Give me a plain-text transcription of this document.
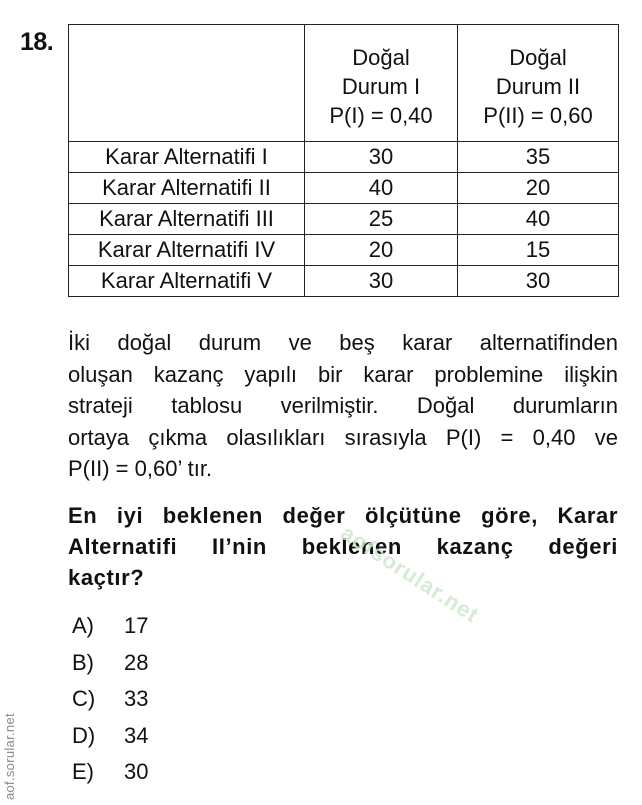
18.

	Doğal
Durum I
P(I) = 0,40	Doğal
Durum II
P(II) = 0,60

Karar Alternatifi I	30	35
Karar Alternatifi II	40	20
Karar Alternatifi III	25	40
Karar Alternatifi IV	20	15
Karar Alternatifi V	30	30
İki doğal durum ve beş karar alternatifinden
oluşan kazanç yapılı bir karar problemine ilişkin
strateji tablosu verilmiştir. Doğal durumların
ortaya çıkma olasılıkları sırasıyla P(I) = 0,40 ve
P(II) = 0,60’ tır.
En iyi beklenen değer ölçütüne göre, Karar
Alternatifi II’nin beklenen kazanç değeri
kaçtır?
A)	17
B)	28
C)	33
D)	34
E)	30
aofsorular.net
aof.sorular.net
